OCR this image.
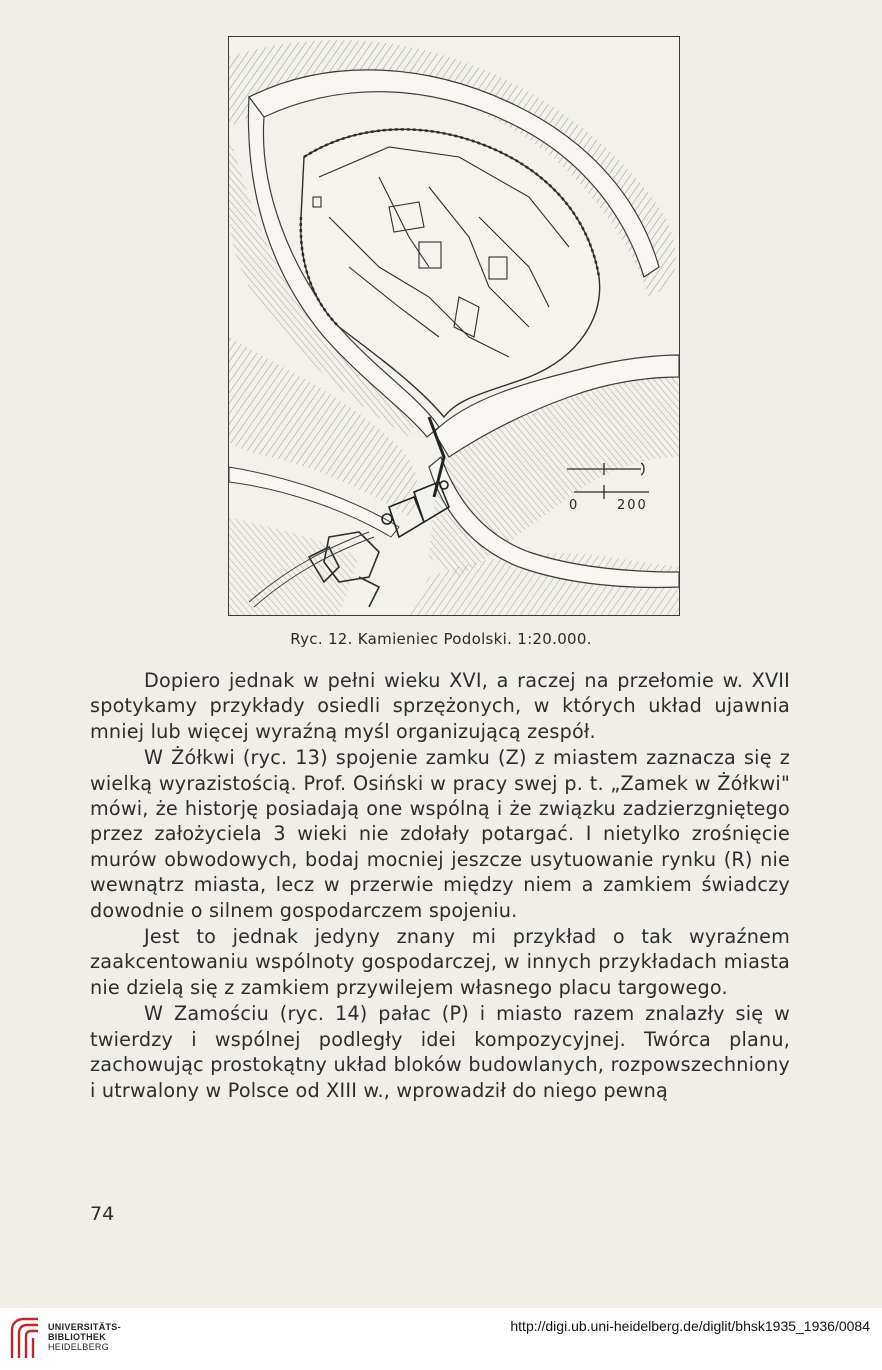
0	200
Ryc. 12. Kamieniec Podolski. 1:20.000.

Dopiero jednak w pełni wieku XVI, a raczej na przełomie w. XVII spotykamy przykłady osiedli sprzężonych, w których układ ujawnia mniej lub więcej wyraźną myśl organizującą zespół.

W Żółkwi (ryc. 13) spojenie zamku (Z) z miastem zaznacza się z wielką wyrazistością. Prof. Osiński w pracy swej p. t. „Zamek w Żółkwi" mówi, że historję posiadają one wspólną i że związku zadzierzgniętego przez założyciela 3 wieki nie zdołały potargać. I nietylko zrośnięcie murów obwodowych, bodaj mocniej jeszcze usytuowanie rynku (R) nie wewnątrz miasta, lecz w przerwie między niem a zamkiem świadczy dowodnie o silnem gospodarczem spojeniu.

Jest to jednak jedyny znany mi przykład o tak wyraźnem zaakcentowaniu wspólnoty gospodarczej, w innych przykładach miasta nie dzielą się z zamkiem przywilejem własnego placu targowego.

W Zamościu (ryc. 14) pałac (P) i miasto razem znalazły się w twierdzy i wspólnej podległy idei kompozycyjnej. Twórca planu, zachowując prostokątny układ bloków budowlanych, rozpowszechniony i utrwalony w Polsce od XIII w., wprowadził do niego pewną

74
UNIVERSITÄTS-
BIBLIOTHEK
HEIDELBERG
http://digi.ub.uni-heidelberg.de/diglit/bhsk1935_1936/0084
